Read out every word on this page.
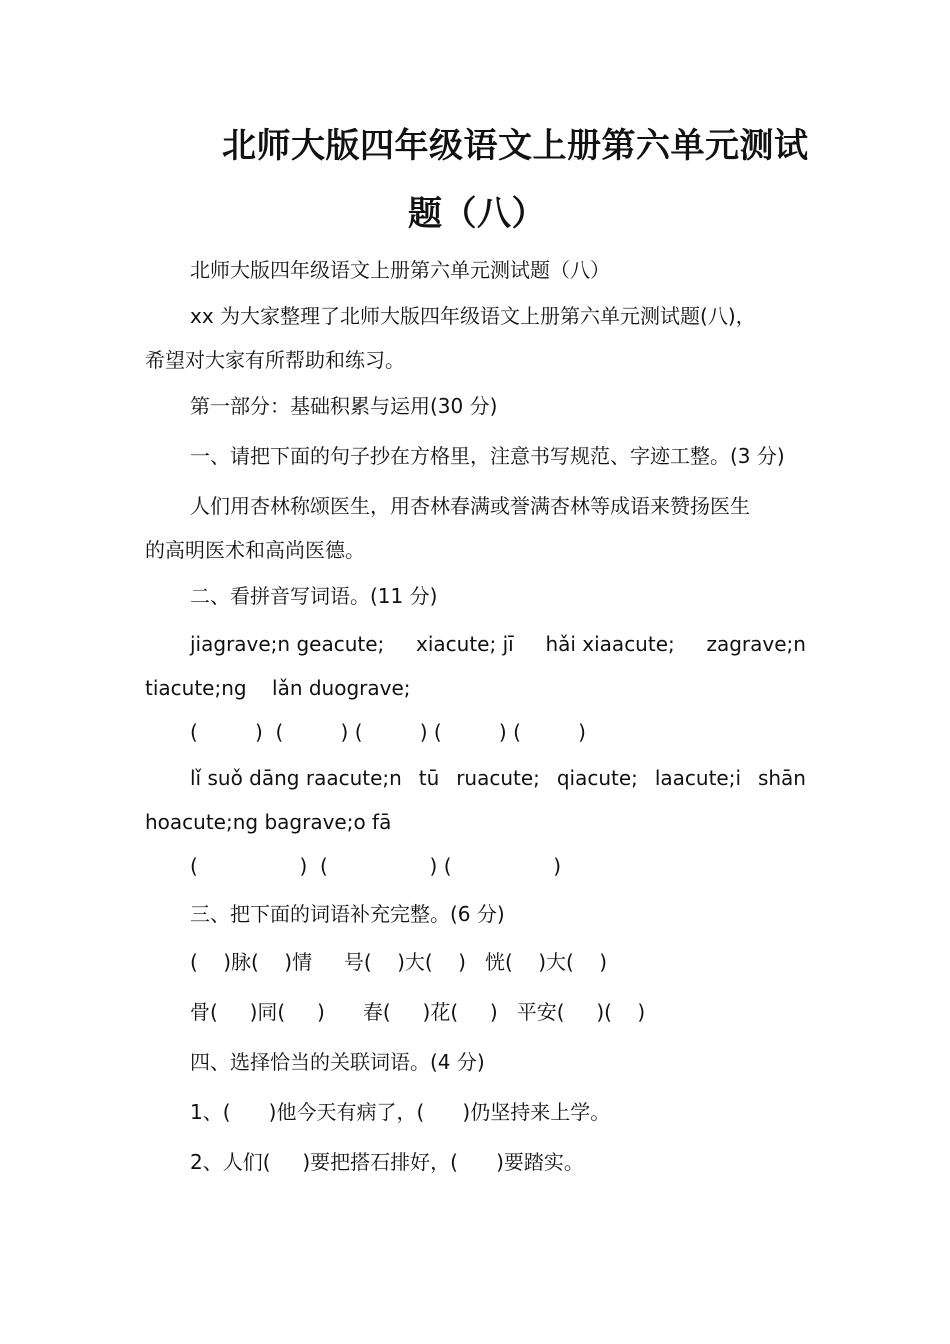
北师大版四年级语文上册第六单元测试
题（八）
北师大版四年级语文上册第六单元测试题（八）
xx 为大家整理了北师大版四年级语文上册第六单元测试题(八)，
希望对大家有所帮助和练习。
第一部分：基础积累与运用(30 分)
一、请把下面的句子抄在方格里，注意书写规范、字迹工整。(3 分)
人们用杏林称颂医生，用杏林春满或誉满杏林等成语来赞扬医生
的高明医术和高尚医德。
二、看拼音写词语。(11 分)
jiagrave;n geacute; xiacute; jī hǎi xiaacute; zagrave;n
tiacute;ng    lǎn duograve;
(         )  (         ) (         ) (         ) (         )
lǐ suǒ dāng raacute;n tū ruacute; qiacute; laacute;i shān
hoacute;ng bagrave;o fā
(                )  (                ) (                )
三、把下面的词语补充完整。(6 分)
(    )脉(    )情     号(    )大(    )   恍(    )大(    )
骨(     )同(     )      春(     )花(     )   平安(     )(    )
四、选择恰当的关联词语。(4 分)
1、(      )他今天有病了，(      )仍坚持来上学。
2、人们(     )要把搭石排好，(      )要踏实。
